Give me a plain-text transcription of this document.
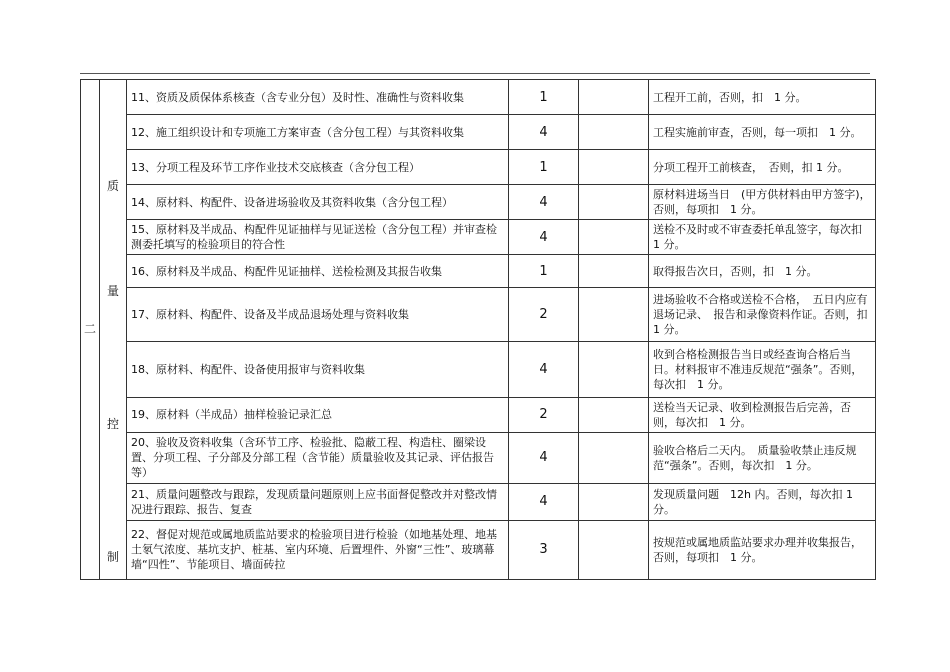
二	质
量
控
制	11、资质及质保体系核查（含专业分包）及时性、准确性与资料收集	1		工程开工前，否则，扣　1 分。
		12、施工组织设计和专项施工方案审查（含分包工程）与其资料收集	4		工程实施前审查，否则，每一项扣　1 分。
		13、分项工程及环节工序作业技术交底核查（含分包工程）	1		分项工程开工前核查，　否则，扣 1 分。
		14、原材料、构配件、设备进场验收及其资料收集（含分包工程）	4		原材料进场当日　(甲方供材料由甲方签字)，否则，每项扣　1 分。
		15、原材料及半成品、构配件见证抽样与见证送检（含分包工程）并审查检测委托填写的检验项目的符合性	4		送检不及时或不审查委托单乱签字，每次扣　1 分。
		16、原材料及半成品、构配件见证抽样、送检检测及其报告收集	1		取得报告次日，否则，扣　1 分。
		17、原材料、构配件、设备及半成品退场处理与资料收集	2		进场验收不合格或送检不合格，　五日内应有退场记录、　报告和录像资料作证。否则，扣　1 分。
		18、原材料、构配件、设备使用报审与资料收集	4		收到合格检测报告当日或经查询合格后当日。材料报审不准违反规范“强条”。否则，每次扣　1 分。
		19、原材料（半成品）抽样检验记录汇总	2		送检当天记录、收到检测报告后完善，否则，每次扣　1 分。
		20、验收及资料收集（含环节工序、检验批、隐蔽工程、构造柱、圈梁设置、分项工程、子分部及分部工程（含节能）质量验收及其记录、评估报告等）	4		验收合格后二天内。　质量验收禁止违反规范“强条”。否则，每次扣　1 分。
		21、质量问题整改与跟踪，发现质量问题原则上应书面督促整改并对整改情况进行跟踪、报告、复查	4		发现质量问题　12h 内。否则，每次扣 1 分。
		22、督促对规范或属地质监站要求的检验项目进行检验（如地基处理、地基土氡气浓度、基坑支护、桩基、室内环境、后置埋件、外窗“三性”、玻璃幕墙“四性”、节能项目、墙面砖拉	3		按规范或属地质监站要求办理并收集报告，否则，每项扣　1 分。
